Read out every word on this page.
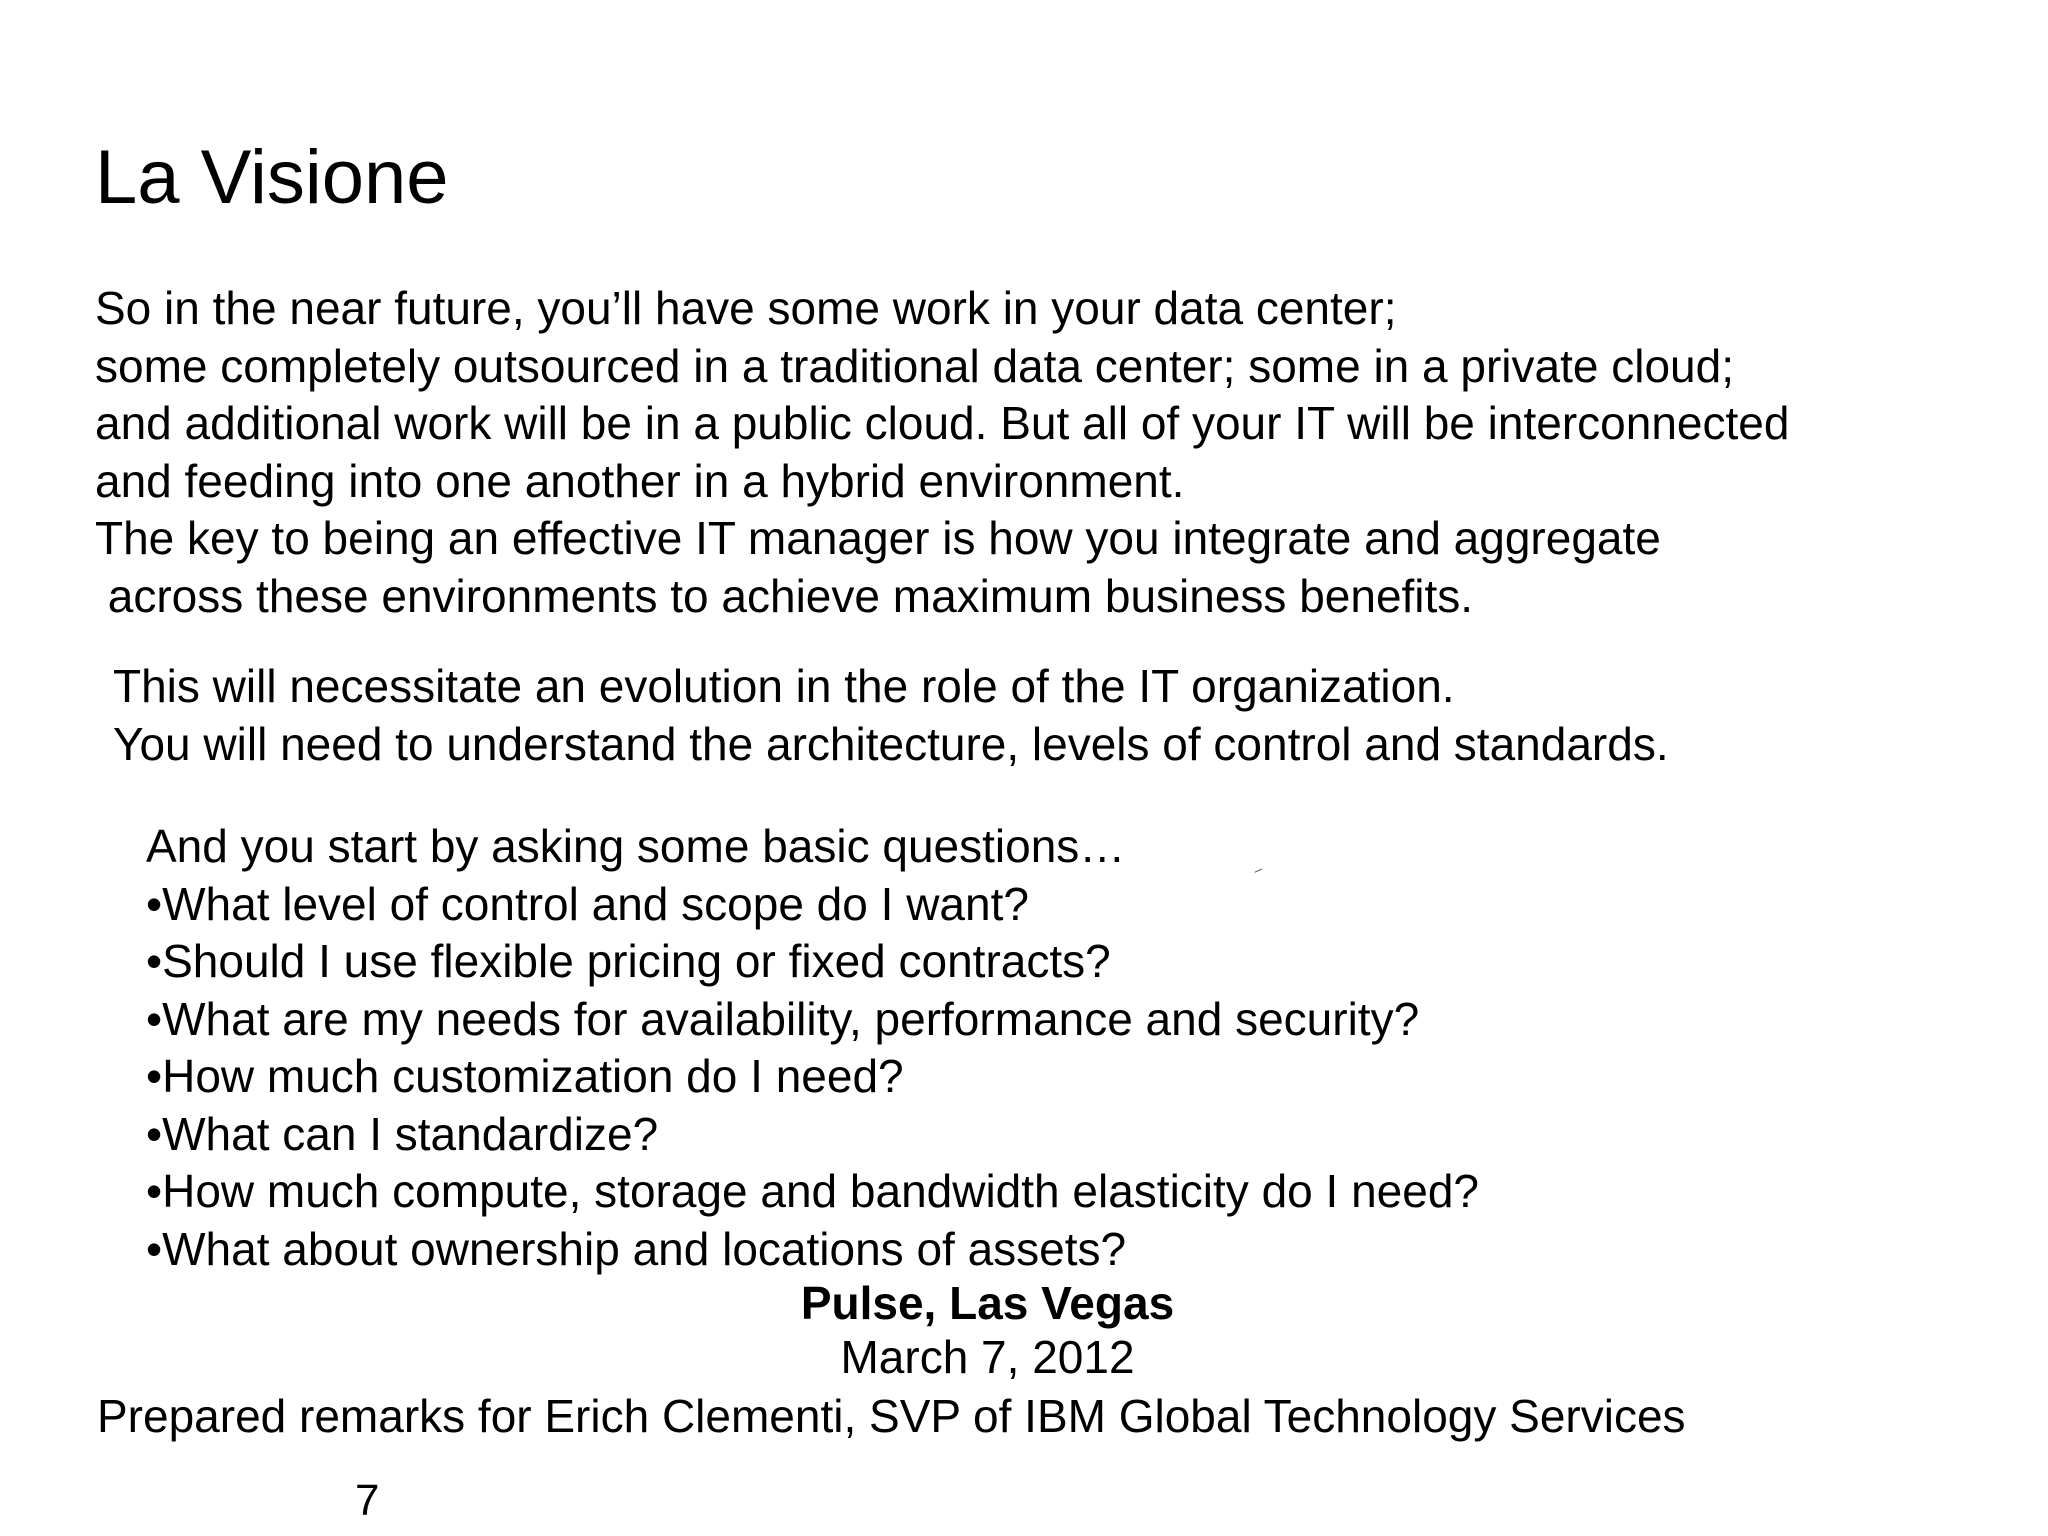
La Visione
So in the near future, you’ll have some work in your data center;
some completely outsourced in a traditional data center; some in a private cloud;
and additional work will be in a public cloud. But all of your IT will be interconnected
and feeding into one another in a hybrid environment.
The key to being an effective IT manager is how you integrate and aggregate
across these environments to achieve maximum business benefits.
This will necessitate an evolution in the role of the IT organization.
You will need to understand the architecture, levels of control and standards.
And you start by asking some basic questions…
•What level of control and scope do I want?
•Should I use flexible pricing or fixed contracts?
•What are my needs for availability, performance and security?
•How much customization do I need?
•What can I standardize?
•How much compute, storage and bandwidth elasticity do I need?
•What about ownership and locations of assets?
Pulse, Las Vegas
March 7, 2012
Prepared remarks for Erich Clementi, SVP of IBM Global Technology Services
7
